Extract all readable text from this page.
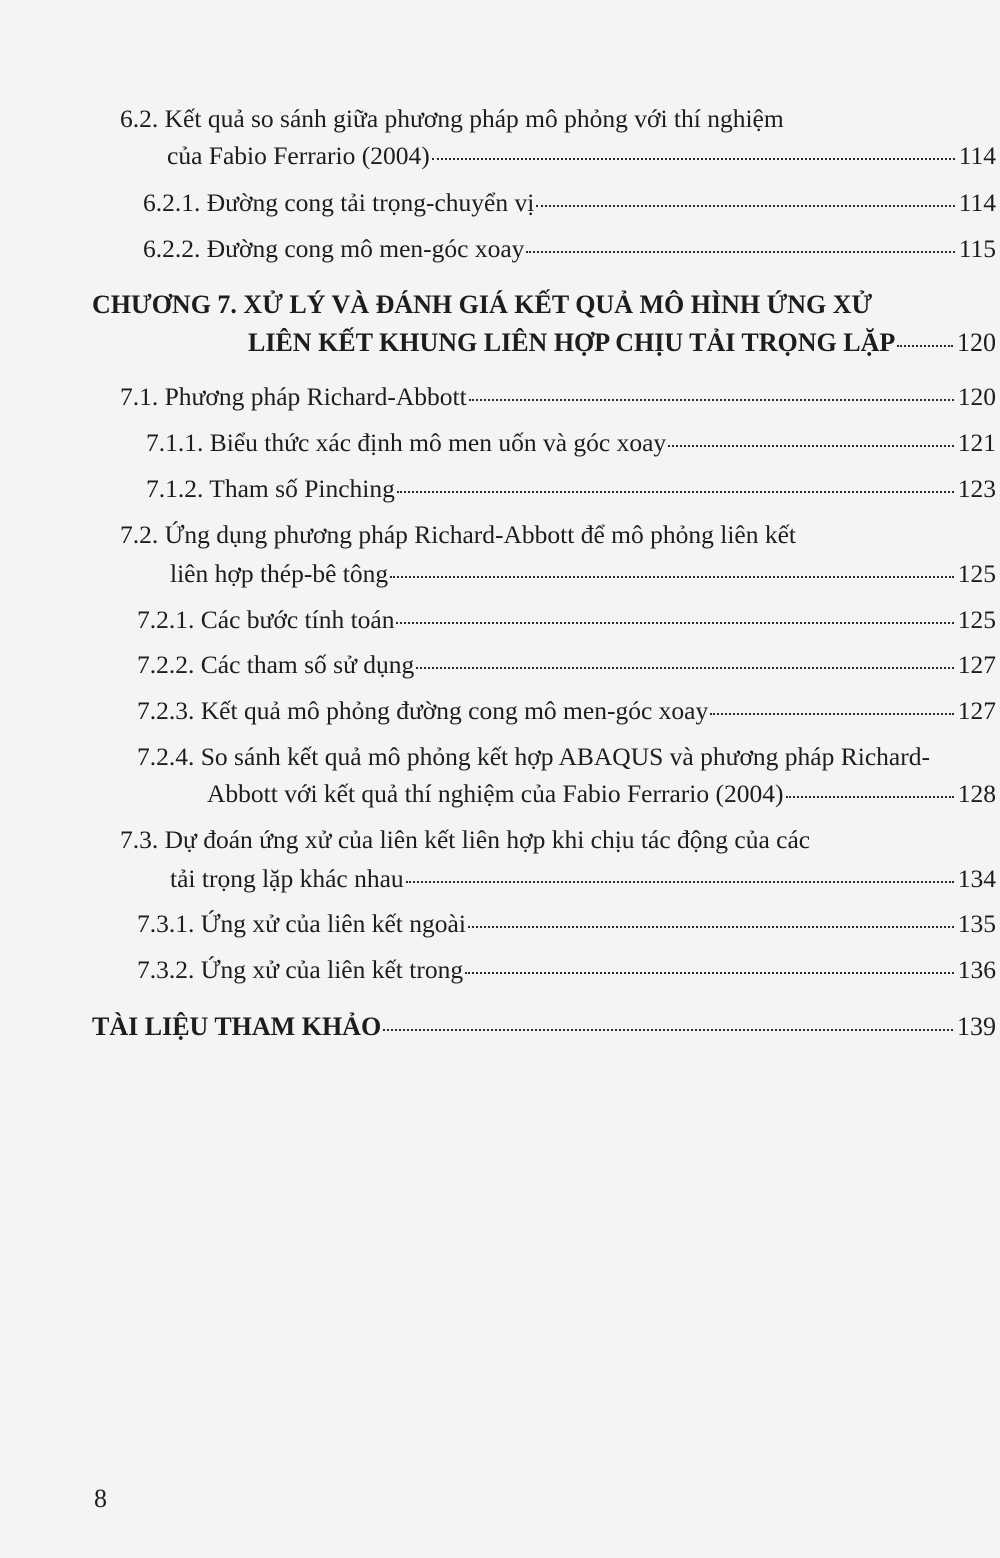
6.2. Kết quả so sánh giữa phương pháp mô phỏng với thí nghiệm
của Fabio Ferrario (2004)	114
6.2.1. Đường cong tải trọng-chuyển vị	114
6.2.2. Đường cong mô men-góc xoay	115
CHƯƠNG 7. XỬ LÝ VÀ ĐÁNH GIÁ KẾT QUẢ MÔ HÌNH ỨNG XỬ
LIÊN KẾT KHUNG LIÊN HỢP CHỊU TẢI TRỌNG LẶP 120
7.1. Phương pháp Richard-Abbott	120
7.1.1. Biểu thức xác định mô men uốn và góc xoay	121
7.1.2. Tham số Pinching	123
7.2. Ứng dụng phương pháp Richard-Abbott để mô phỏng liên kết
liên hợp thép-bê tông	125
7.2.1. Các bước tính toán	125
7.2.2. Các tham số sử dụng	127
7.2.3. Kết quả mô phỏng đường cong mô men-góc xoay	127
7.2.4. So sánh kết quả mô phỏng kết hợp ABAQUS và phương pháp Richard-
Abbott với kết quả thí nghiệm của Fabio Ferrario (2004)	128
7.3. Dự đoán ứng xử của liên kết liên hợp khi chịu tác động của các
tải trọng lặp khác nhau	134
7.3.1. Ứng xử của liên kết ngoài	135
7.3.2. Ứng xử của liên kết trong	136
TÀI LIỆU THAM KHẢO	139
8
